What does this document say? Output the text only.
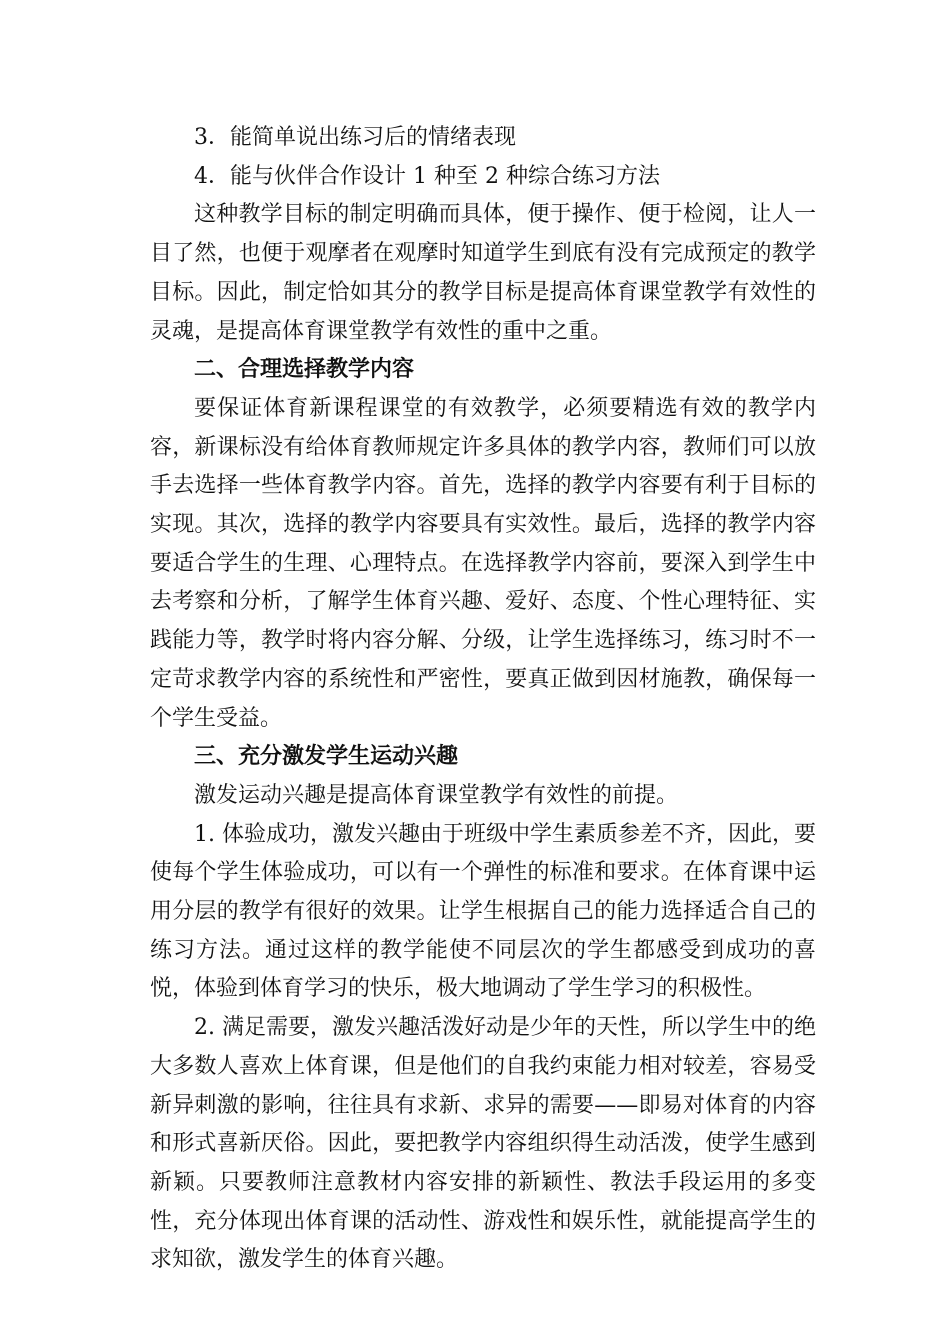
3．能简单说出练习后的情绪表现

4．能与伙伴合作设计 1 种至 2 种综合练习方法

这种教学目标的制定明确而具体，便于操作、便于检阅，让人一目了然，也便于观摩者在观摩时知道学生到底有没有完成预定的教学目标。因此，制定恰如其分的教学目标是提高体育课堂教学有效性的灵魂，是提高体育课堂教学有效性的重中之重。

二、合理选择教学内容

要保证体育新课程课堂的有效教学，必须要精选有效的教学内容，新课标没有给体育教师规定许多具体的教学内容，教师们可以放手去选择一些体育教学内容。首先，选择的教学内容要有利于目标的实现。其次，选择的教学内容要具有实效性。最后，选择的教学内容要适合学生的生理、心理特点。在选择教学内容前，要深入到学生中去考察和分析，了解学生体育兴趣、爱好、态度、个性心理特征、实践能力等，教学时将内容分解、分级，让学生选择练习，练习时不一定苛求教学内容的系统性和严密性，要真正做到因材施教，确保每一个学生受益。

三、充分激发学生运动兴趣

激发运动兴趣是提高体育课堂教学有效性的前提。

1. 体验成功，激发兴趣由于班级中学生素质参差不齐，因此，要使每个学生体验成功，可以有一个弹性的标准和要求。在体育课中运用分层的教学有很好的效果。让学生根据自己的能力选择适合自己的练习方法。通过这样的教学能使不同层次的学生都感受到成功的喜悦，体验到体育学习的快乐，极大地调动了学生学习的积极性。

2. 满足需要，激发兴趣活泼好动是少年的天性，所以学生中的绝大多数人喜欢上体育课，但是他们的自我约束能力相对较差，容易受新异刺激的影响，往往具有求新、求异的需要——即易对体育的内容和形式喜新厌俗。因此，要把教学内容组织得生动活泼，使学生感到新颖。只要教师注意教材内容安排的新颖性、教法手段运用的多变性，充分体现出体育课的活动性、游戏性和娱乐性，就能提高学生的求知欲，激发学生的体育兴趣。
